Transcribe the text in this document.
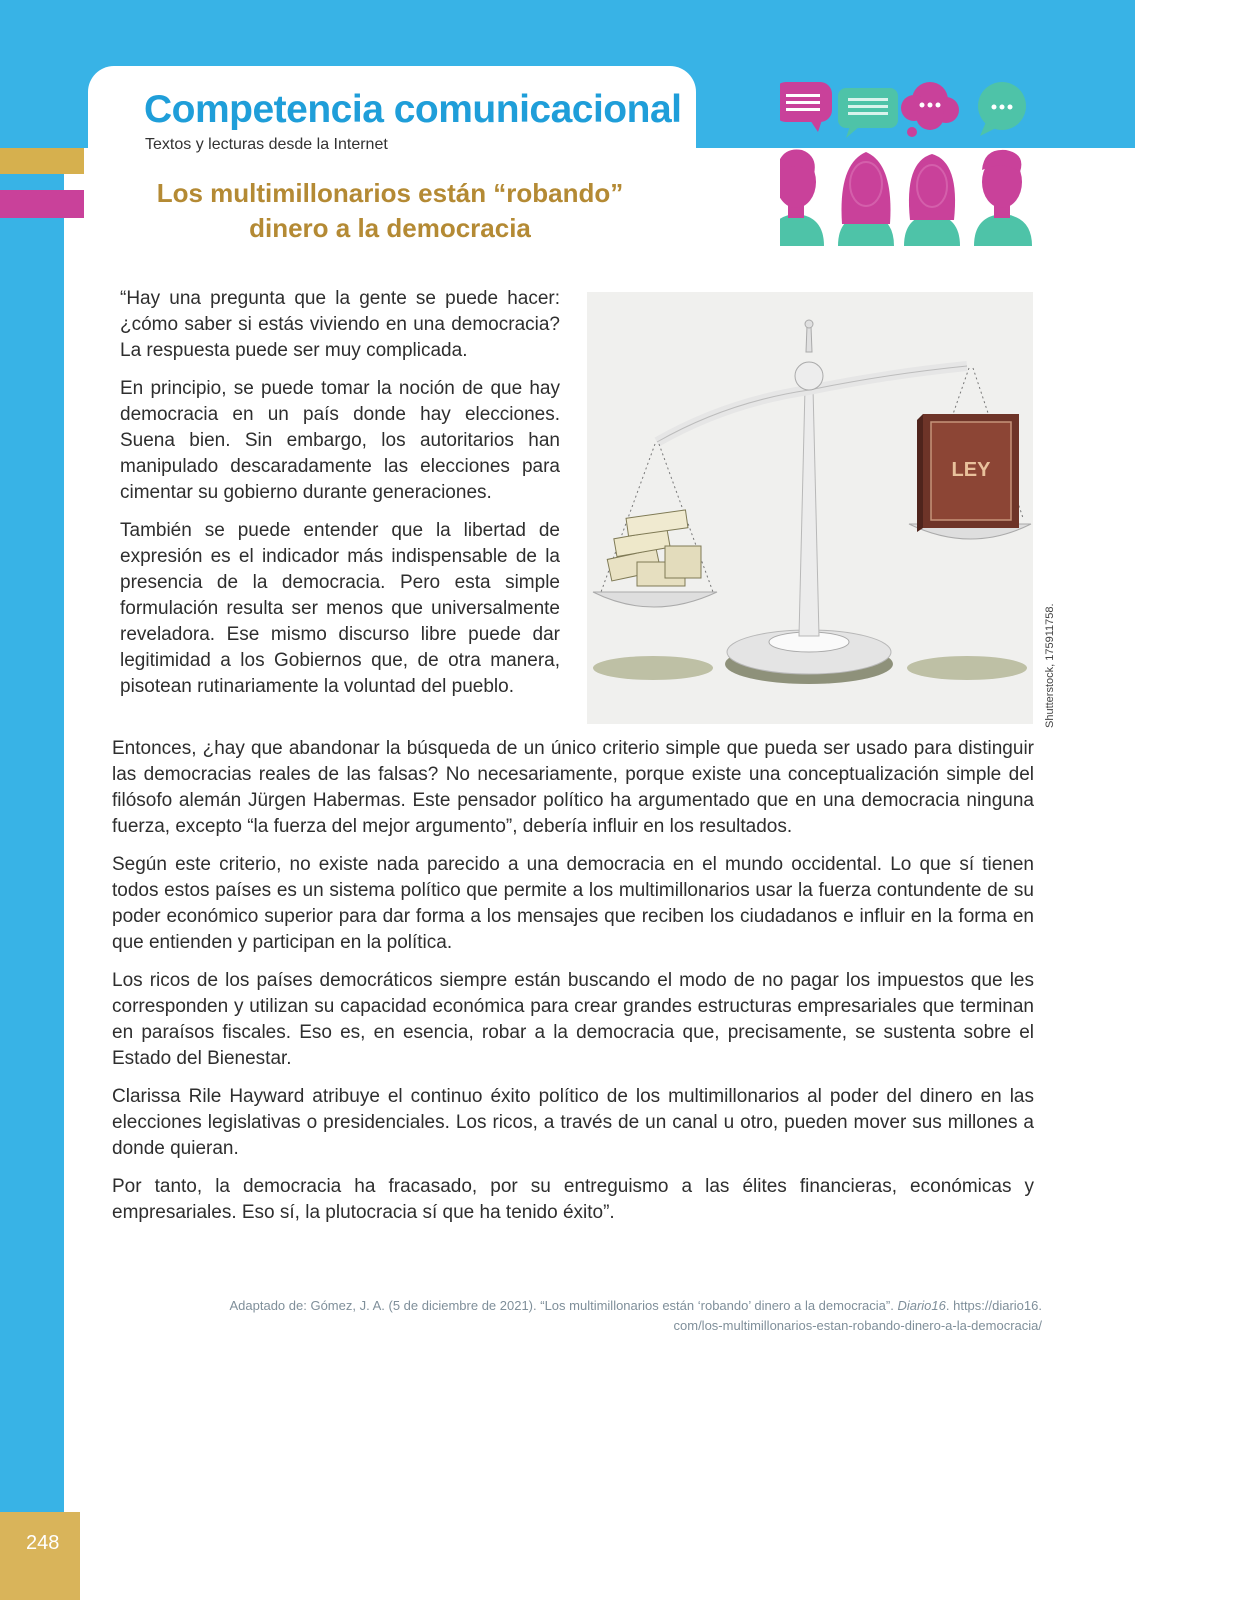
Competencia comunicacional

Textos y lecturas desde la Internet

Los multimillonarios están “robando”
dinero a la democracia

“Hay una pregunta que la gente se puede hacer: ¿cómo saber si estás viviendo en una democracia? La respuesta puede ser muy complicada.

En principio, se puede tomar la noción de que hay democracia en un país donde hay elecciones. Suena bien. Sin embargo, los autoritarios han manipulado descaradamente las elecciones para cimentar su gobierno durante generaciones.

También se puede entender que la libertad de expresión es el indicador más indispensable de la presencia de la democracia. Pero esta simple formulación resulta ser menos que universalmente reveladora. Ese mismo discurso libre puede dar legitimidad a los Gobiernos que, de otra manera, pisotean rutinariamente la voluntad del pueblo.

LEY
Shutterstock, 175911758.

Entonces, ¿hay que abandonar la búsqueda de un único criterio simple que pueda ser usado para distinguir las democracias reales de las falsas? No necesariamente, porque existe una conceptualización simple del filósofo alemán Jürgen Habermas. Este pensador político ha argumentado que en una democracia ninguna fuerza, excepto “la fuerza del mejor argumento”, debería influir en los resultados.

Según este criterio, no existe nada parecido a una democracia en el mundo occidental. Lo que sí tienen todos estos países es un sistema político que permite a los multimillonarios usar la fuerza contundente de su poder económico superior para dar forma a los mensajes que reciben los ciudadanos e influir en la forma en que entienden y participan en la política.

Los ricos de los países democráticos siempre están buscando el modo de no pagar los impuestos que les corresponden y utilizan su capacidad económica para crear grandes estructuras empresariales que terminan en paraísos fiscales. Eso es, en esencia, robar a la democracia que, precisamente, se sustenta sobre el Estado del Bienestar.

Clarissa Rile Hayward atribuye el continuo éxito político de los multimillonarios al poder del dinero en las elecciones legislativas o presidenciales. Los ricos, a través de un canal u otro, pueden mover sus millones a donde quieran.

Por tanto, la democracia ha fracasado, por su entreguismo a las élites financieras, económicas y empresariales. Eso sí, la plutocracia sí que ha tenido éxito”.

Adaptado de: Gómez, J. A. (5 de diciembre de 2021). “Los multimillonarios están ‘robando’ dinero a la democracia”. Diario16. https://diario16.
com/los-multimillonarios-estan-robando-dinero-a-la-democracia/
248
